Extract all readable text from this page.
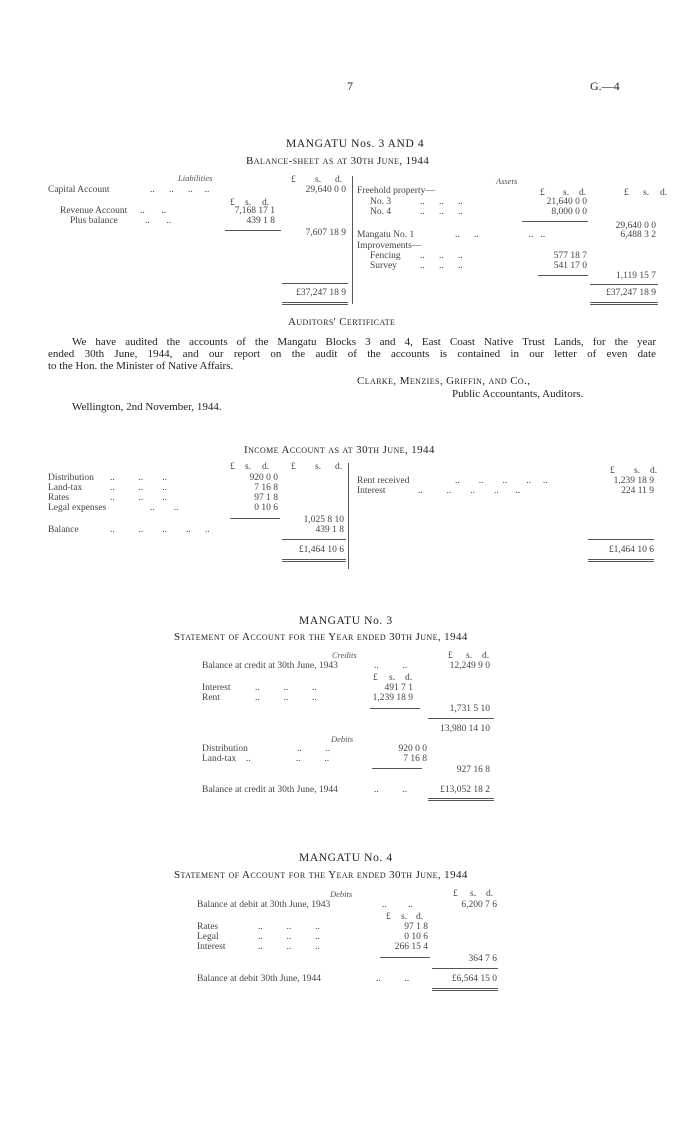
7	G.—4
MANGATU Nos. 3 AND 4
Balance-sheet as at 30th June, 1944
Liabilities	Assets
£ s. d.
£ s. d.
Capital Account	..      ..      ..     ..	29,640 0 0
Revenue Account ..       ..	7,168 17 1
Plus balance	..       ..	439 1 8
7,607 18 9
£37,247 18 9
£ s. d.	£ s. d.
Freehold property—
No. 3	..      ..      ..	21,640 0 0
No. 4	..      ..      ..	8,000 0 0
29,640 0 0
Mangatu No. 1	..      ..                     ..   ..	6,488 3 2
Improvements—
Fencing ..      ..      ..	577 18 7
Survey ..      ..      ..	541 17 0
1,119 15 7
£37,247 18 9
Auditors' Certificate
We have audited the accounts of the Mangatu Blocks 3 and 4, East Coast Native Trust Lands, for the year
ended 30th June, 1944, and our report on the audit of the accounts is contained in our letter of even date
to the Hon. the Minister of Native Affairs.
Clarke, Menzies, Griffin, and Co.,
Public Accountants, Auditors.
Wellington, 2nd November, 1944.
Income Account as at 30th June, 1944
£ s. d. £ s. d.
Distribution ..          ..        ..	920 0 0
Land-tax	..          ..        ..	7 16 8
Rates	..          ..        ..	97 1 8
Legal expenses	..        ..	0 10 6
1,025 8 10
Balance	..          ..        ..        ..      ..	439 1 8
£1,464 10 6
£ s. d.
Rent received	..        ..        ..        ..     ..	1,239 18 9
Interest	..          ..        ..        ..       ..	224 11 9
£1,464 10 6
MANGATU No. 3
Statement of Account for the Year ended 30th June, 1944
Credits	£ s. d.
Balance at credit at 30th June, 1943	..          ..	12,249 9 0
£ s. d.
Interest	..          ..          ..	491 7 1
Rent	..          ..          ..	1,239 18 9
1,731 5 10
13,980 14 10
Debits
Distribution	..          ..	920 0 0
Land-tax ..                   ..          ..	7 16 8
927 16 8
Balance at credit at 30th June, 1944	..          ..	£13,052 18 2
MANGATU No. 4
Statement of Account for the Year ended 30th June, 1944
Debits	£ s. d.
Balance at debit at 30th June, 1943	..         ..	6,200 7 6
£ s. d.
Rates	..          ..          ..	97 1 8
Legal	..          ..          ..	0 10 6
Interest	..          ..          ..	266 15 4
364 7 6
Balance at debit 30th June, 1944	..          ..	£6,564 15 0
